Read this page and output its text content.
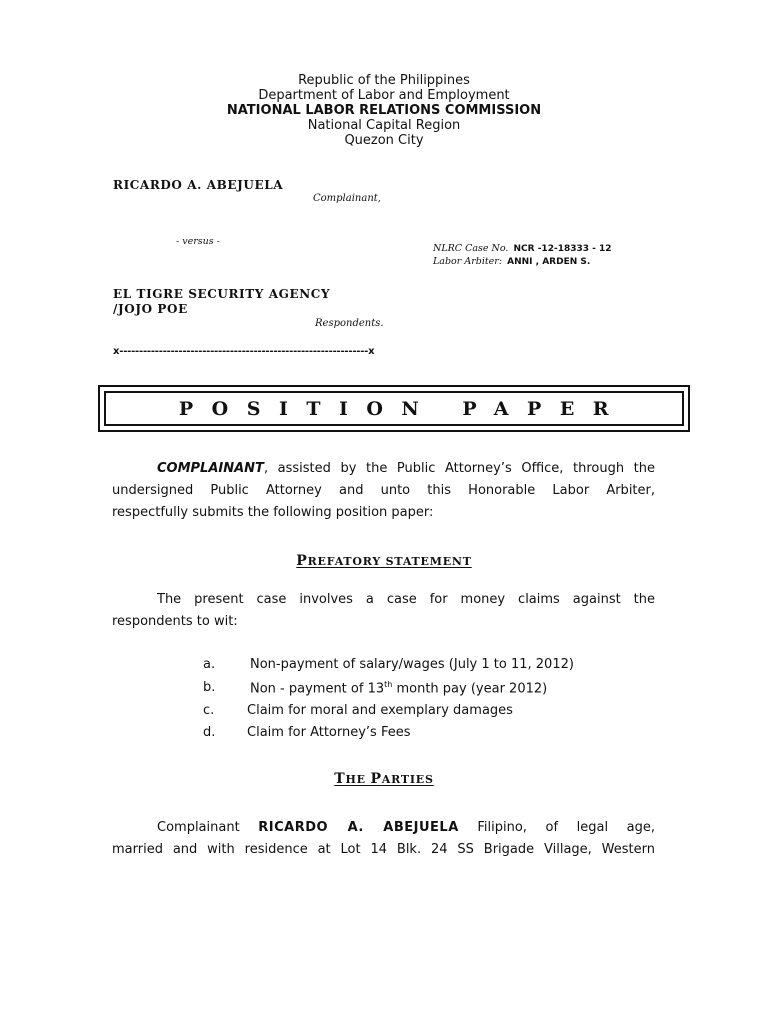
Republic of the Philippines
Department of Labor and Employment
NATIONAL LABOR RELATIONS COMMISSION
National Capital Region
Quezon City
RICARDO A. ABEJUELA
Complainant,
- versus -
NLRC Case No. NCR -12-18333 - 12
Labor Arbiter: ANNI , ARDEN S.
EL TIGRE SECURITY AGENCY
/JOJO POE
Respondents.
x---------------------------------------------------------------x
POSITION PAPER
COMPLAINANT, assisted by the Public Attorney’s Office, through the
undersigned Public Attorney and unto this Honorable Labor Arbiter,
respectfully submits the following position paper:
PREFATORY STATEMENT
The present case involves a case for money claims against the
respondents to wit:
a.	Non-payment of salary/wages (July 1 to 11, 2012)
b.	Non - payment of 13th month pay (year 2012)
c.	Claim for moral and exemplary damages
d. Claim for Attorney’s Fees
THE PARTIES
Complainant RICARDO A. ABEJUELA Filipino, of legal age,
married and with residence at Lot 14 Blk. 24 SS Brigade Village, Western
